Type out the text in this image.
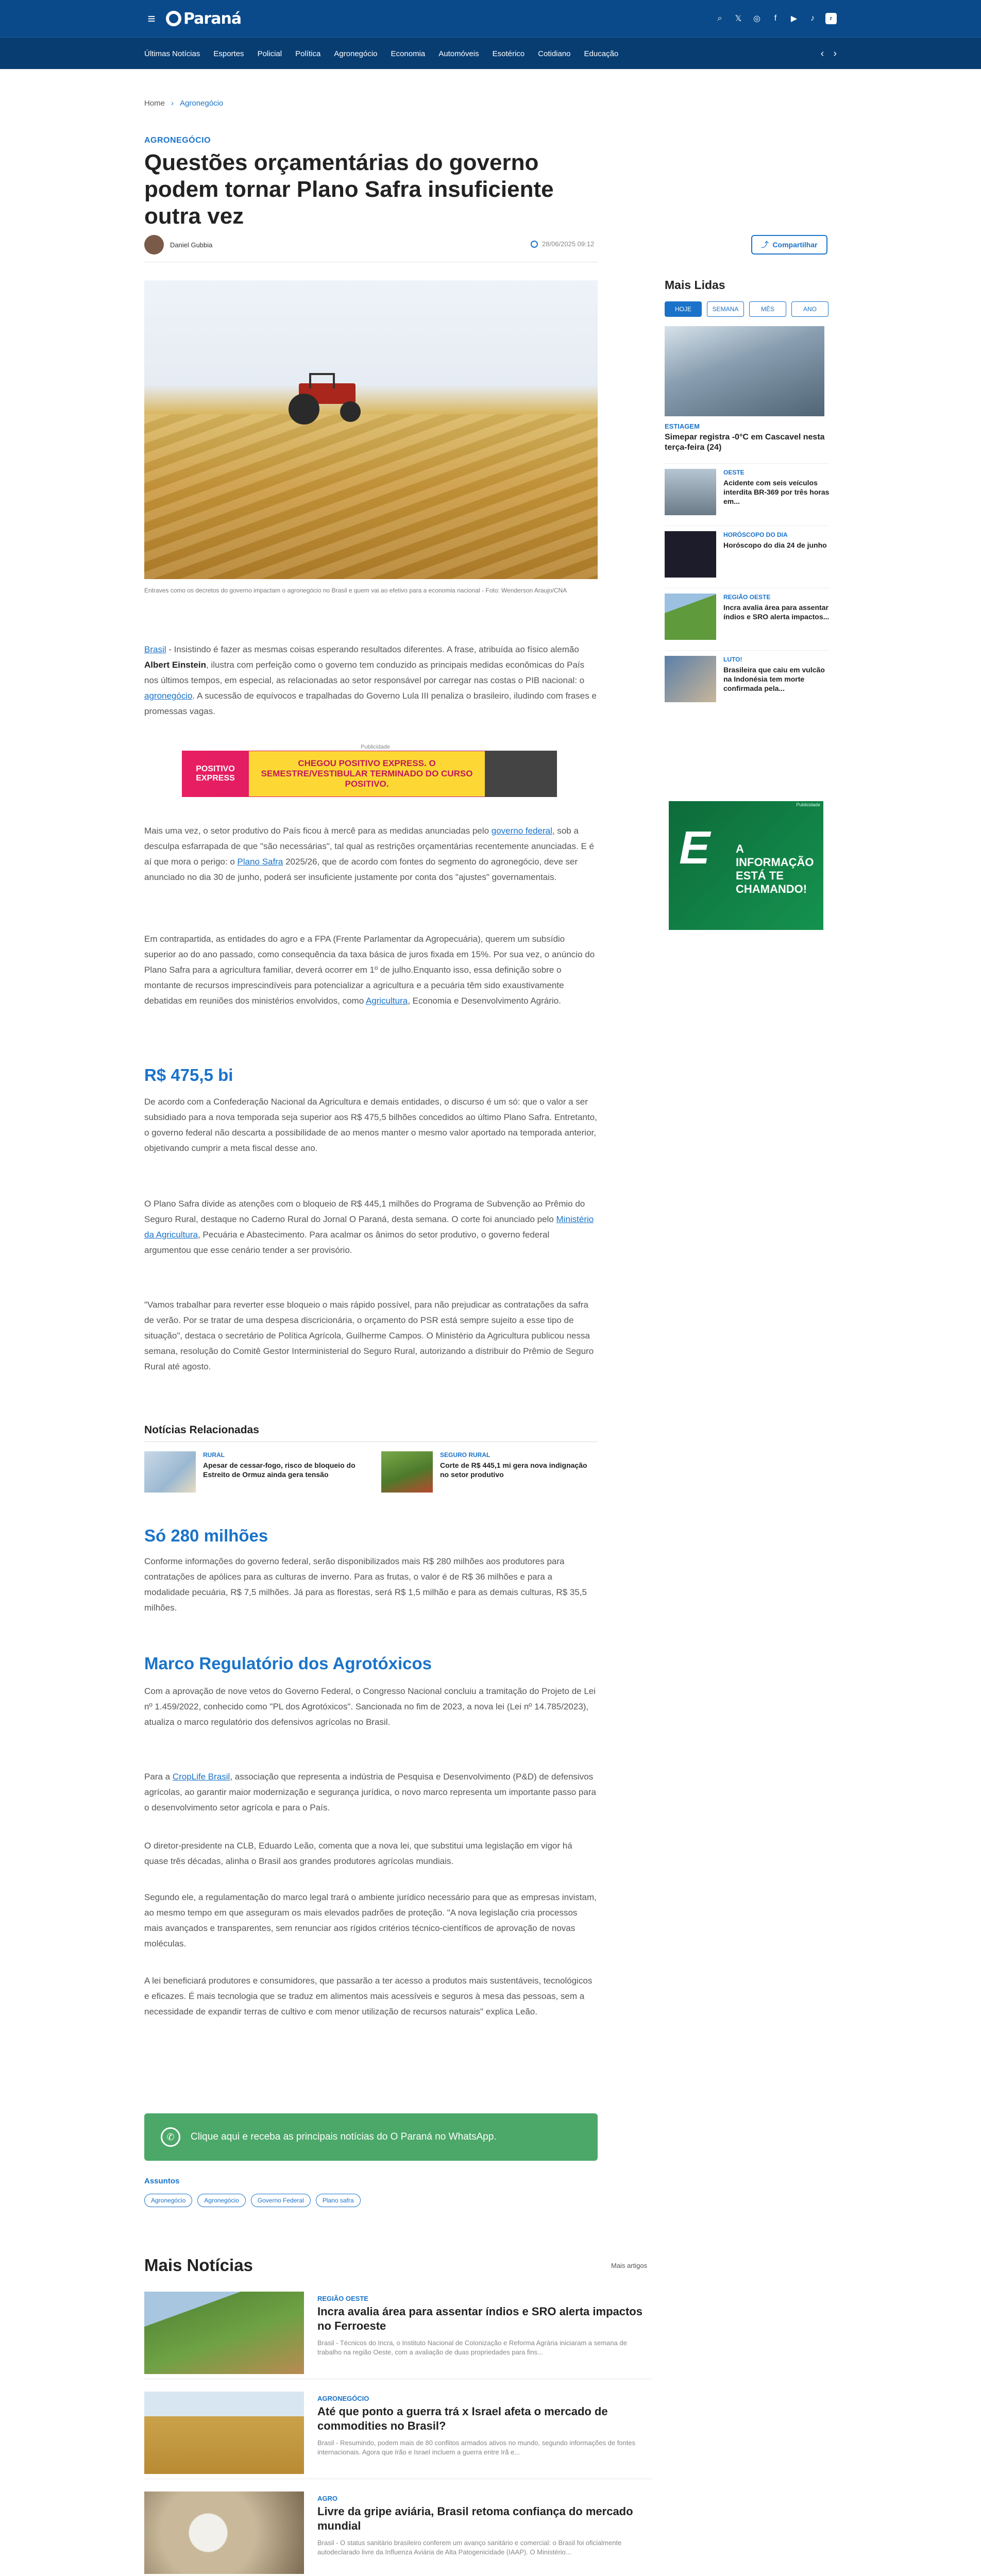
≡ Paraná	⌕	𝕏 ◎	f	▶	♪	r
Últimas Notícias	Esportes	Policial	Política	Agronegócio	Economia	Automóveis	Esotérico	Cotidiano	Educação	‹ ›
Home › Agronegócio
AGRONEGÓCIO
Questões orçamentárias do governo podem tornar Plano Safra insuficiente outra vez
Daniel Gubbia	28/06/2025 09:12	⤴ Compartilhar
Entraves como os decretos do governo impactam o agronegócio no Brasil e quem vai ao efetivo para a economia nacional - Foto: Wenderson Araujo/CNA

Brasil - Insistindo é fazer as mesmas coisas esperando resultados diferentes. A frase, atribuída ao físico alemão Albert Einstein, ilustra com perfeição como o governo tem conduzido as principais medidas econômicas do País nos últimos tempos, em especial, as relacionadas ao setor responsável por carregar nas costas o PIB nacional: o agronegócio. A sucessão de equívocos e trapalhadas do Governo Lula III penaliza o brasileiro, iludindo com frases e promessas vagas.

Publicidade
POSITIVO EXPRESS
CHEGOU POSITIVO EXPRESS. O SEMESTRE/VESTIBULAR TERMINADO DO CURSO POSITIVO.

Mais uma vez, o setor produtivo do País ficou à mercê para as medidas anunciadas pelo governo federal, sob a desculpa esfarrapada de que "são necessárias", tal qual as restrições orçamentárias recentemente anunciadas. E é aí que mora o perigo: o Plano Safra 2025/26, que de acordo com fontes do segmento do agronegócio, deve ser anunciado no dia 30 de junho, poderá ser insuficiente justamente por conta dos "ajustes" governamentais.

Em contrapartida, as entidades do agro e a FPA (Frente Parlamentar da Agropecuária), querem um subsídio superior ao do ano passado, como consequência da taxa básica de juros fixada em 15%. Por sua vez, o anúncio do Plano Safra para a agricultura familiar, deverá ocorrer em 1º de julho.Enquanto isso, essa definição sobre o montante de recursos imprescindíveis para potencializar a agricultura e a pecuária têm sido exaustivamente debatidas em reuniões dos ministérios envolvidos, como Agricultura, Economia e Desenvolvimento Agrário.

R$ 475,5 bi

De acordo com a Confederação Nacional da Agricultura e demais entidades, o discurso é um só: que o valor a ser subsidiado para a nova temporada seja superior aos R$ 475,5 bilhões concedidos ao último Plano Safra. Entretanto, o governo federal não descarta a possibilidade de ao menos manter o mesmo valor aportado na temporada anterior, objetivando cumprir a meta fiscal desse ano.

O Plano Safra divide as atenções com o bloqueio de R$ 445,1 milhões do Programa de Subvenção ao Prêmio do Seguro Rural, destaque no Caderno Rural do Jornal O Paraná, desta semana. O corte foi anunciado pelo Ministério da Agricultura, Pecuária e Abastecimento. Para acalmar os ânimos do setor produtivo, o governo federal argumentou que esse cenário tender a ser provisório.

"Vamos trabalhar para reverter esse bloqueio o mais rápido possível, para não prejudicar as contratações da safra de verão. Por se tratar de uma despesa discricionária, o orçamento do PSR está sempre sujeito a esse tipo de situação", destaca o secretário de Política Agrícola, Guilherme Campos. O Ministério da Agricultura publicou nessa semana, resolução do Comitê Gestor Interministerial do Seguro Rural, autorizando a distribuir do Prêmio de Seguro Rural até agosto.

Notícias Relacionadas
RURAL
Apesar de cessar-fogo, risco de bloqueio do Estreito de Ormuz ainda gera tensão
SEGURO RURAL
Corte de R$ 445,1 mi gera nova indignação no setor produtivo
Só 280 milhões

Conforme informações do governo federal, serão disponibilizados mais R$ 280 milhões aos produtores para contratações de apólices para as culturas de inverno. Para as frutas, o valor é de R$ 36 milhões e para a modalidade pecuária, R$ 7,5 milhões. Já para as florestas, será R$ 1,5 milhão e para as demais culturas, R$ 35,5 milhões.

Marco Regulatório dos Agrotóxicos

Com a aprovação de nove vetos do Governo Federal, o Congresso Nacional concluiu a tramitação do Projeto de Lei nº 1.459/2022, conhecido como "PL dos Agrotóxicos". Sancionada no fim de 2023, a nova lei (Lei nº 14.785/2023), atualiza o marco regulatório dos defensivos agrícolas no Brasil.

Para a CropLife Brasil, associação que representa a indústria de Pesquisa e Desenvolvimento (P&D) de defensivos agrícolas, ao garantir maior modernização e segurança jurídica, o novo marco representa um importante passo para o desenvolvimento setor agrícola e para o País.

O diretor-presidente na CLB, Eduardo Leão, comenta que a nova lei, que substitui uma legislação em vigor há quase três décadas, alinha o Brasil aos grandes produtores agrícolas mundiais.

Segundo ele, a regulamentação do marco legal trará o ambiente jurídico necessário para que as empresas invistam, ao mesmo tempo em que asseguram os mais elevados padrões de proteção. "A nova legislação cria processos mais avançados e transparentes, sem renunciar aos rígidos critérios técnico-científicos de aprovação de novas moléculas.

A lei beneficiará produtores e consumidores, que passarão a ter acesso a produtos mais sustentáveis, tecnológicos e eficazes. É mais tecnologia que se traduz em alimentos mais acessíveis e seguros à mesa das pessoas, sem a necessidade de expandir terras de cultivo e com menor utilização de recursos naturais" explica Leão.

✆	Clique aqui e receba as principais notícias do O Paraná no WhatsApp.
Assuntos
Agronegócio	Agronegócio	Governo Federal	Plano safra
Mais Notícias	Mais artigos
REGIÃO OESTE
Incra avalia área para assentar índios e SRO alerta impactos no Ferroeste
Brasil - Técnicos do Incra, o Instituto Nacional de Colonização e Reforma Agrária iniciaram a semana de trabalho na região Oeste, com a avaliação de duas propriedades para fins...
AGRONEGÓCIO
Até que ponto a guerra trá x Israel afeta o mercado de commodities no Brasil?
Brasil - Resumindo, podem mais de 80 conflitos armados ativos no mundo, segundo informações de fontes internacionais. Agora que Irão e Israel incluem a guerra entre Irã e...
AGRO
Livre da gripe aviária, Brasil retoma confiança do mercado mundial
Brasil - O status sanitário brasileiro conferem um avanço sanitário e comercial: o Brasil foi oficialmente autodeclarado livre da Influenza Aviária de Alta Patogenicidade (IAAP). O Ministério...
Mais Lidas
HOJE	SEMANA	MÊS	ANO
ESTIAGEM
Simepar registra -0°C em Cascavel nesta terça-feira (24)
OESTE
Acidente com seis veículos interdita BR-369 por três horas em...
HORÓSCOPO DO DIA
Horóscopo do dia 24 de junho
REGIÃO OESTE
Incra avalia área para assentar índios e SRO alerta impactos...
LUTO!
Brasileira que caiu em vulcão na Indonésia tem morte confirmada pela...
Publicidade
E A INFORMAÇÃO ESTÁ TE CHAMANDO!
